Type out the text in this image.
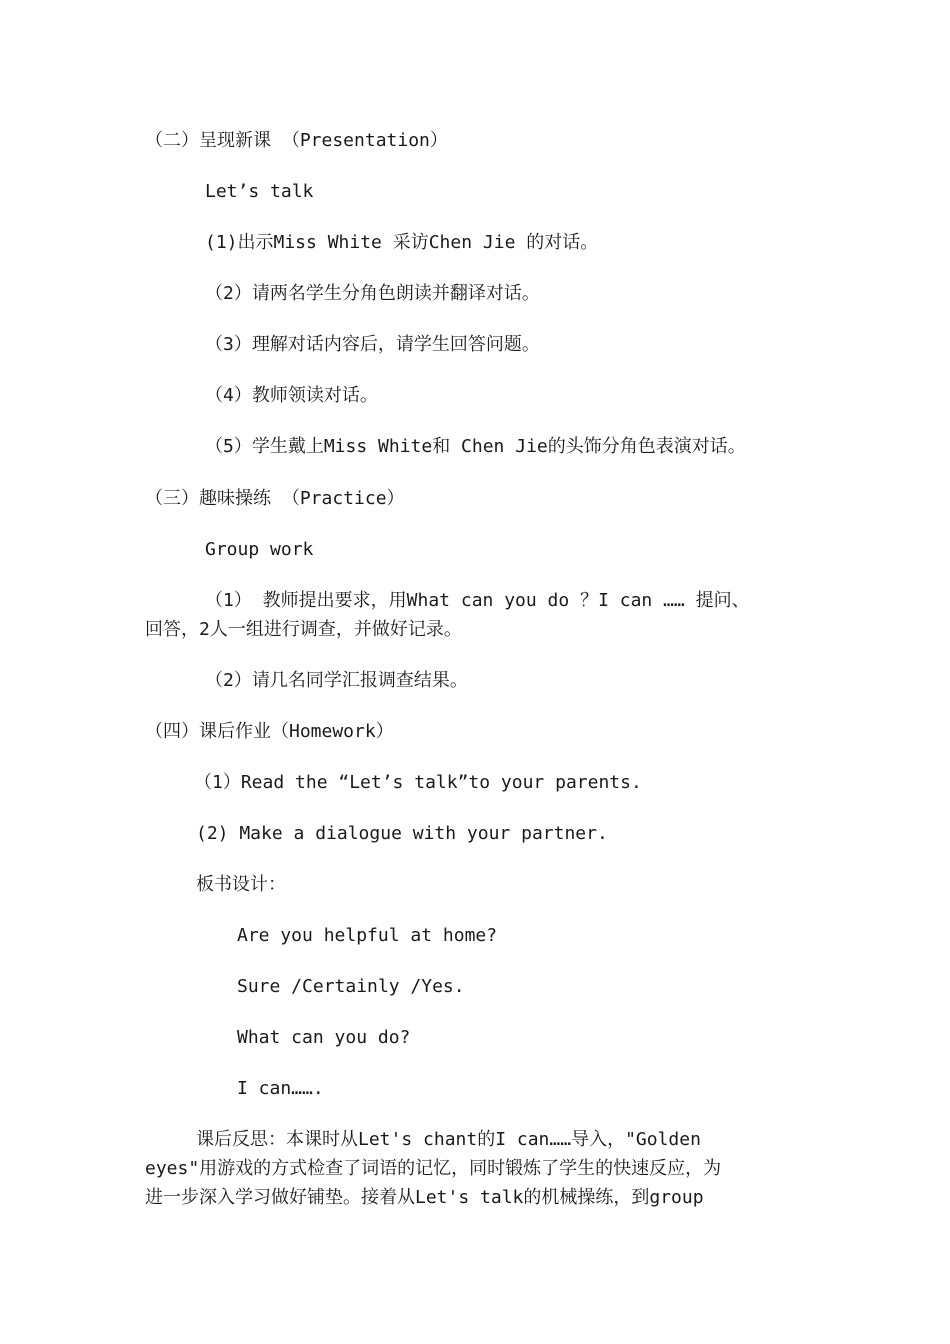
（二）呈现新课 （Presentation）
Let’s talk
(1)出示Miss White 采访Chen Jie 的对话。
（2）请两名学生分角色朗读并翻译对话。
（3）理解对话内容后，请学生回答问题。
（4）教师领读对话。
（5）学生戴上Miss White和 Chen Jie的头饰分角色表演对话。
（三）趣味操练 （Practice）
Group work
（1） 教师提出要求，用What can you do ？I can …… 提问、
回答，2人一组进行调查，并做好记录。
（2）请几名同学汇报调查结果。
（四）课后作业（Homework）
（1）Read the “Let’s talk”to your parents.
(2) Make a dialogue with your partner.
板书设计：
Are you helpful at home?
Sure /Certainly /Yes.
What can you do?
I can…….
课后反思：本课时从Let's chant的I can……导入，"Golden
eyes"用游戏的方式检查了词语的记忆，同时锻炼了学生的快速反应，为
进一步深入学习做好铺垫。接着从Let's talk的机械操练，到group
